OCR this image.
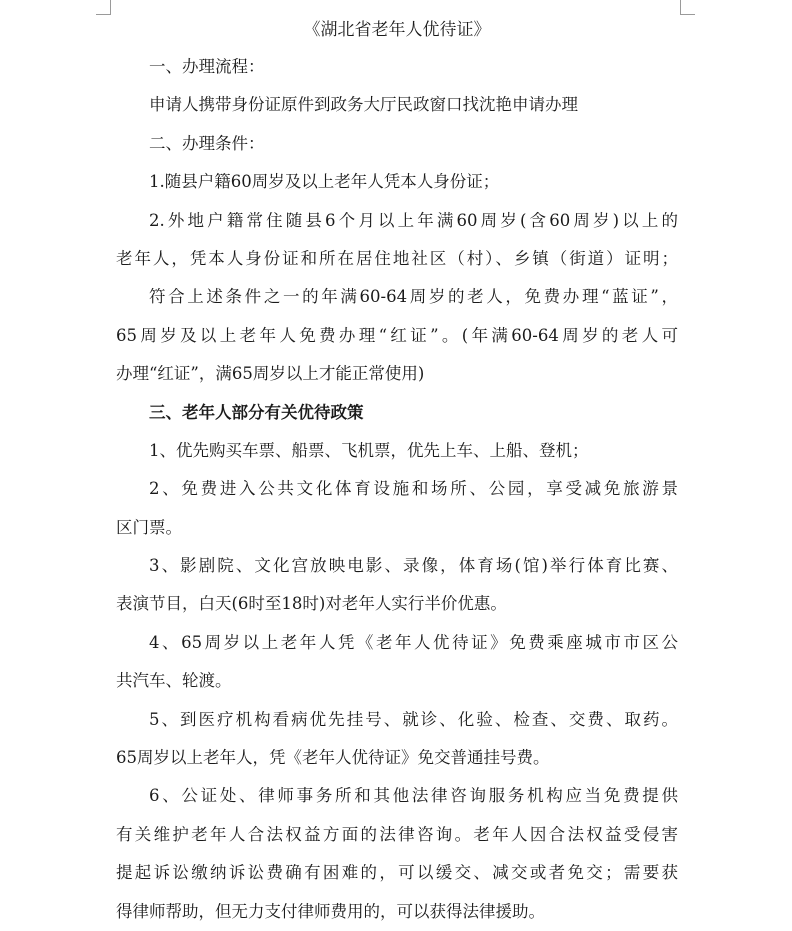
《湖北省老年人优待证》
一、办理流程：
申请人携带身份证原件到政务大厅民政窗口找沈艳申请办理
二、办理条件：
1.随县户籍60周岁及以上老年人凭本人身份证；
2.外地户籍常住随县6个月以上年满60周岁(含60周岁)以上的
老年人，凭本人身份证和所在居住地社区（村）、乡镇（街道）证明；
符合上述条件之一的年满60-64周岁的老人，免费办理“蓝证”，
65周岁及以上老年人免费办理“红证”。(年满60-64周岁的老人可
办理“红证”，满65周岁以上才能正常使用)
三、老年人部分有关优待政策
1、优先购买车票、船票、飞机票，优先上车、上船、登机；
2、免费进入公共文化体育设施和场所、公园，享受减免旅游景
区门票。
3、影剧院、文化宫放映电影、录像，体育场(馆)举行体育比赛、
表演节目，白天(6时至18时)对老年人实行半价优惠。
4、65周岁以上老年人凭《老年人优待证》免费乘座城市市区公
共汽车、轮渡。
5、到医疗机构看病优先挂号、就诊、化验、检查、交费、取药。
65周岁以上老年人，凭《老年人优待证》免交普通挂号费。
6、公证处、律师事务所和其他法律咨询服务机构应当免费提供
有关维护老年人合法权益方面的法律咨询。老年人因合法权益受侵害
提起诉讼缴纳诉讼费确有困难的，可以缓交、减交或者免交；需要获
得律师帮助，但无力支付律师费用的，可以获得法律援助。
